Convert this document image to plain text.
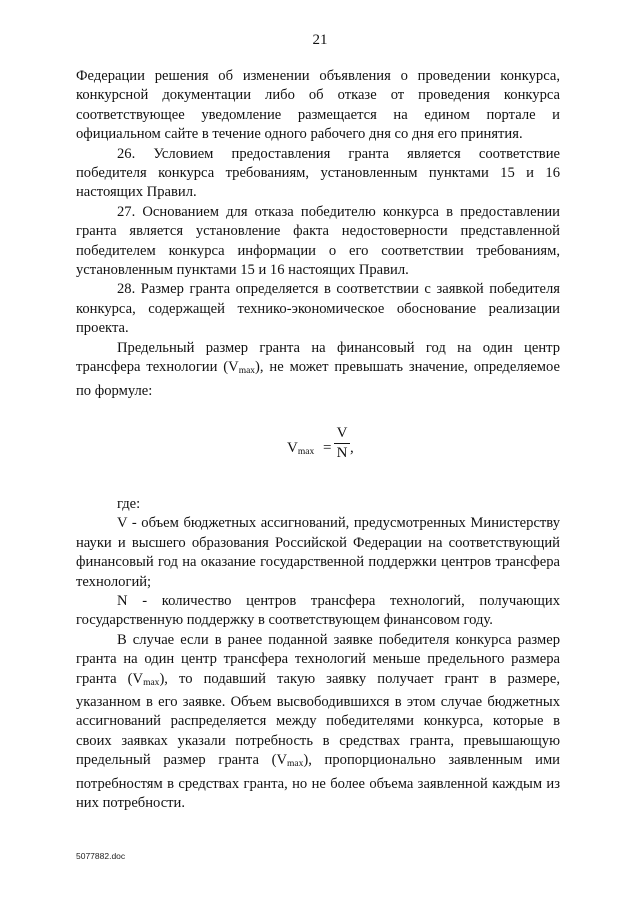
21

Федерации решения об изменении объявления о проведении конкурса, конкурсной документации либо об отказе от проведения конкурса соответствующее уведомление размещается на едином портале и официальном сайте в течение одного рабочего дня со дня его принятия.

26. Условием предоставления гранта является соответствие победителя конкурса требованиям, установленным пунктами 15 и 16 настоящих Правил.

27. Основанием для отказа победителю конкурса в предоставлении гранта является установление факта недостоверности представленной победителем конкурса информации о его соответствии требованиям, установленным пунктами 15 и 16 настоящих Правил.

28. Размер гранта определяется в соответствии с заявкой победителя конкурса, содержащей технико-экономическое обоснование реализации проекта.

Предельный размер гранта на финансовый год на один центр трансфера технологии $(V_{max})$, не может превышать значение, определяемое по формуле:

$V_{max}$ =
V
N ,

где:

V - объем бюджетных ассигнований, предусмотренных Министерству науки и высшего образования Российской Федерации на соответствующий финансовый год на оказание государственной поддержки центров трансфера технологий;

N - количество центров трансфера технологий, получающих государственную поддержку в соответствующем финансовом году.

В случае если в ранее поданной заявке победителя конкурса размер гранта на один центр трансфера технологий меньше предельного размера гранта $(V_{max})$, то подавший такую заявку получает грант в размере, указанном в его заявке. Объем высвободившихся в этом случае бюджетных ассигнований распределяется между победителями конкурса, которые в своих заявках указали потребность в средствах гранта, превышающую предельный размер гранта $(V_{max})$, пропорционально заявленным ими потребностям в средствах гранта, но не более объема заявленной каждым из них потребности.

5077882.doc
